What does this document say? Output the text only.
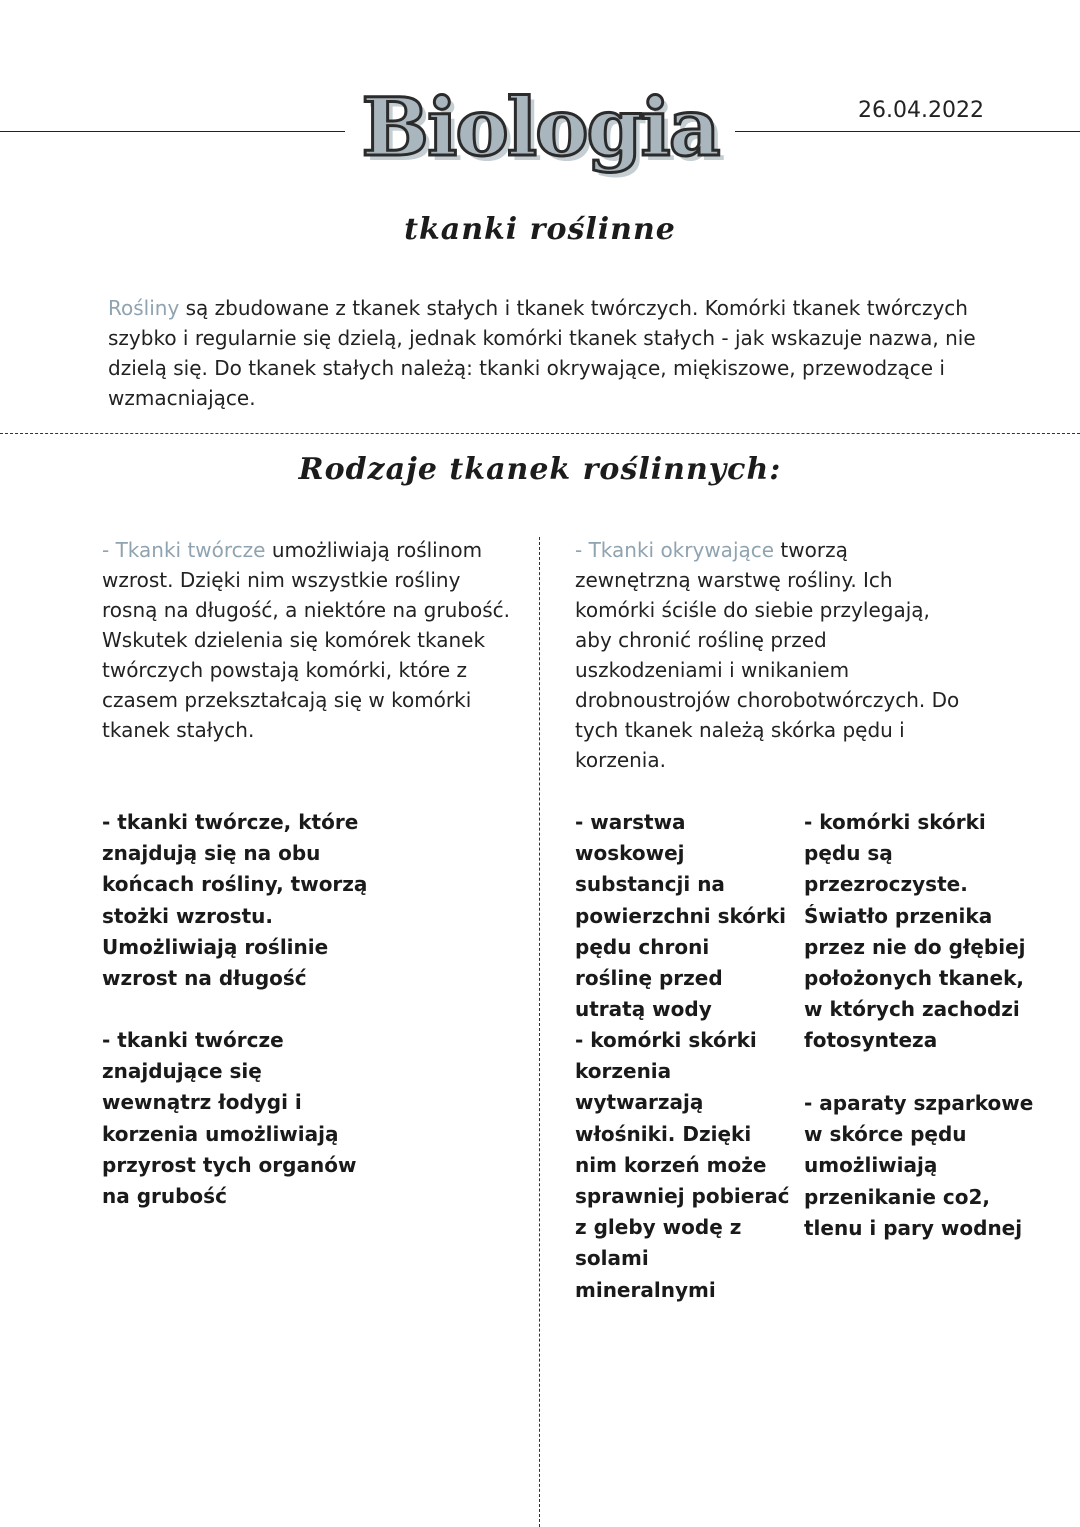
Biologia	26.04.2022
tkanki roślinne
Rośliny są zbudowane z tkanek stałych i tkanek twórczych. Komórki tkanek twórczych szybko i regularnie się dzielą, jednak komórki tkanek stałych - jak wskazuje nazwa, nie dzielą się. Do tkanek stałych należą: tkanki okrywające, miękiszowe, przewodzące i wzmacniające.
Rodzaje tkanek roślinnych:
- Tkanki twórcze umożliwiają roślinom wzrost. Dzięki nim wszystkie rośliny rosną na długość, a niektóre na grubość. Wskutek dzielenia się komórek tkanek twórczych powstają komórki, które z czasem przekształcają się w komórki tkanek stałych.
- tkanki twórcze, które znajdują się na obu końcach rośliny, tworzą stożki wzrostu. Umożliwiają roślinie wzrost na długość
- tkanki twórcze znajdujące się wewnątrz łodygi i korzenia umożliwiają przyrost tych organów na grubość
- Tkanki okrywające tworzą zewnętrzną warstwę rośliny. Ich komórki ściśle do siebie przylegają, aby chronić roślinę przed uszkodzeniami i wnikaniem drobnoustrojów chorobotwórczych. Do tych tkanek należą skórka pędu i korzenia.
- warstwa woskowej substancji na powierzchni skórki pędu chroni roślinę przed utratą wody
- komórki skórki korzenia wytwarzają włośniki. Dzięki nim korzeń może sprawniej pobierać z gleby wodę z solami mineralnymi
- komórki skórki pędu są przezroczyste. Światło przenika przez nie do głębiej położonych tkanek, w których zachodzi fotosynteza
- aparaty szparkowe w skórce pędu umożliwiają przenikanie co2, tlenu i pary wodnej
